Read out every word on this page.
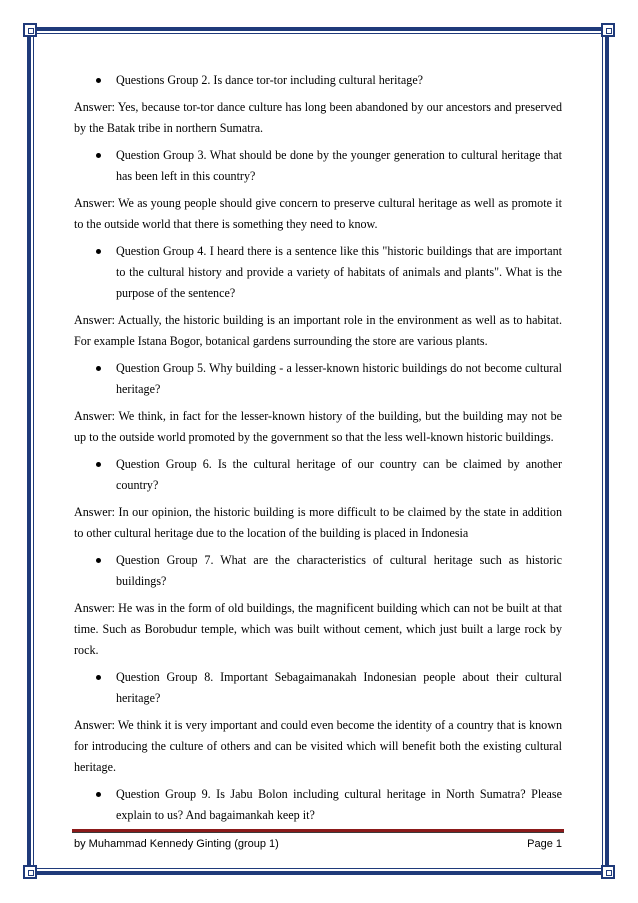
Questions Group 2. Is dance tor-tor including cultural heritage?

Answer: Yes, because tor-tor dance culture has long been abandoned by our ancestors and preserved by the Batak tribe in northern Sumatra.

Question Group 3. What should be done by the younger generation to cultural heritage that has been left in this country?

Answer: We as young people should give concern to preserve cultural heritage as well as promote it to the outside world that there is something they need to know.

Question Group 4. I heard there is a sentence like this "historic buildings that are important to the cultural history and provide a variety of habitats of animals and plants". What is the purpose of the sentence?

Answer: Actually, the historic building is an important role in the environment as well as to habitat. For example Istana Bogor, botanical gardens surrounding the store are various plants.

Question Group 5. Why building - a lesser-known historic buildings do not become cultural heritage?

Answer: We think, in fact for the lesser-known history of the building, but the building may not be up to the outside world promoted by the government so that the less well-known historic buildings.

Question Group 6. Is the cultural heritage of our country can be claimed by another country?

Answer: In our opinion, the historic building is more difficult to be claimed by the state in addition to other cultural heritage due to the location of the building is placed in Indonesia

Question Group 7. What are the characteristics of cultural heritage such as historic buildings?

Answer: He was in the form of old buildings, the magnificent building which can not be built at that time. Such as Borobudur temple, which was built without cement, which just built a large rock by rock.

Question Group 8. Important Sebagaimanakah Indonesian people about their cultural heritage?

Answer: We think it is very important and could even become the identity of a country that is known for introducing the culture of others and can be visited which will benefit both the existing cultural heritage.

Question Group 9. Is Jabu Bolon including cultural heritage in North Sumatra? Please explain to us? And bagaimankah keep it?
by Muhammad Kennedy Ginting (group 1)	Page 1
